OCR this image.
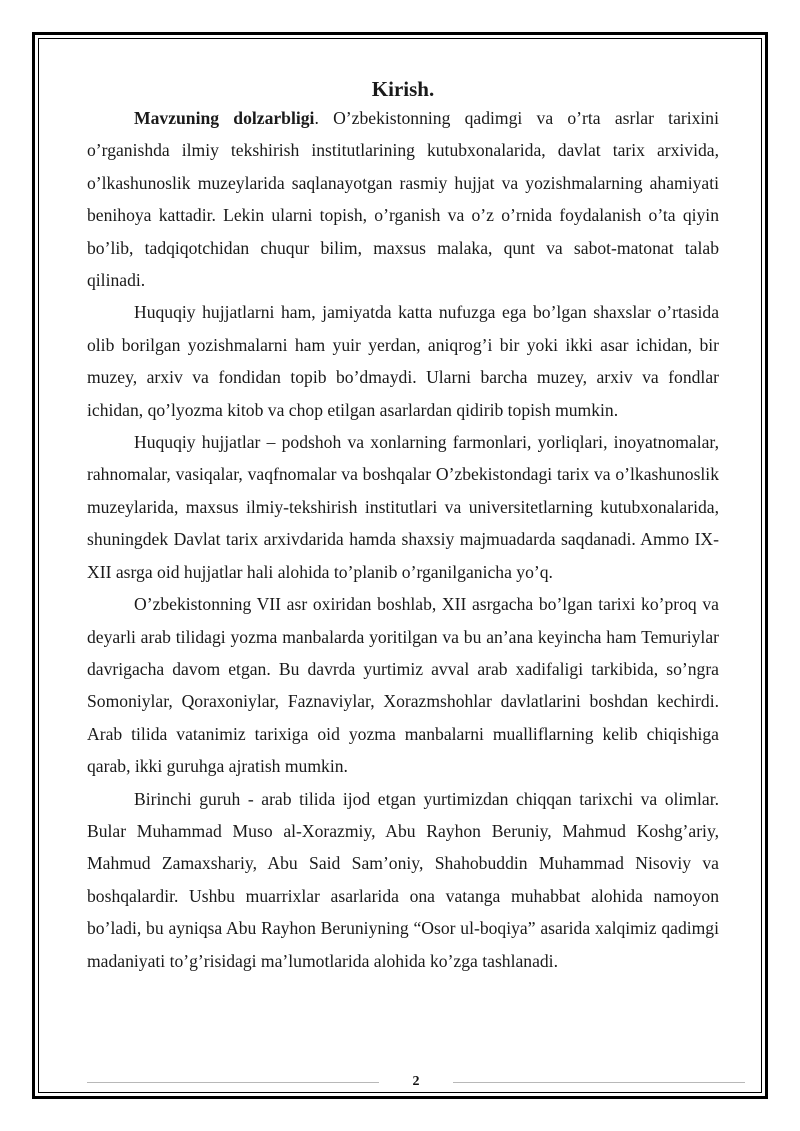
Kirish.

Mavzuning dolzarbligi. O’zbekistonning qadimgi va o’rta asrlar tarixini o’rganishda ilmiy tekshirish institutlarining kutubxonalarida, davlat tarix arxivida, o’lkashunoslik muzeylarida saqlanayotgan rasmiy hujjat va yozishmalarning ahamiyati benihoya kattadir. Lekin ularni topish, o’rganish va o’z o’rnida foydalanish o’ta qiyin bo’lib, tadqiqotchidan chuqur bilim, maxsus malaka, qunt va sabot-matonat talab qilinadi.

Huquqiy hujjatlarni ham, jamiyatda katta nufuzga ega bo’lgan shaxslar o’rtasida olib borilgan yozishmalarni ham yuir yerdan, aniqrog’i bir yoki ikki asar ichidan, bir muzey, arxiv va fondidan topib bo’dmaydi. Ularni barcha muzey, arxiv va fondlar ichidan, qo’lyozma kitob va chop etilgan asarlardan qidirib topish mumkin.

Huquqiy hujjatlar – podshoh va xonlarning farmonlari, yorliqlari, inoyatnomalar, rahnomalar, vasiqalar, vaqfnomalar va boshqalar O’zbekistondagi tarix va o’lkashunoslik muzeylarida, maxsus ilmiy-tekshirish institutlari va universitetlarning kutubxonalarida, shuningdek Davlat tarix arxivdarida hamda shaxsiy majmuadarda saqdanadi. Ammo IX-XII asrga oid hujjatlar hali alohida to’planib o’rganilganicha yo’q.

O’zbekistonning VII asr oxiridan boshlab, XII asrgacha bo’lgan tarixi ko’proq va deyarli arab tilidagi yozma manbalarda yoritilgan va bu an’ana keyincha ham Temuriylar davrigacha davom etgan. Bu davrda yurtimiz avval arab xadifaligi tarkibida, so’ngra Somoniylar, Qoraxoniylar, Faznaviylar, Xorazmshohlar davlatlarini boshdan kechirdi. Arab tilida vatanimiz tarixiga oid yozma manbalarni mualliflarning kelib chiqishiga qarab, ikki guruhga ajratish mumkin.

Birinchi guruh - arab tilida ijod etgan yurtimizdan chiqqan tarixchi va olimlar. Bular Muhammad Muso al-Xorazmiy, Abu Rayhon Beruniy, Mahmud Koshg’ariy, Mahmud Zamaxshariy, Abu Said Sam’oniy, Shahobuddin Muhammad Nisoviy va boshqalardir. Ushbu muarrixlar asarlarida ona vatanga muhabbat alohida namoyon bo’ladi, bu ayniqsa Abu Rayhon Beruniyning “Osor ul-boqiya” asarida xalqimiz qadimgi madaniyati to’g’risidagi ma’lumotlarida alohida ko’zga tashlanadi.

2
